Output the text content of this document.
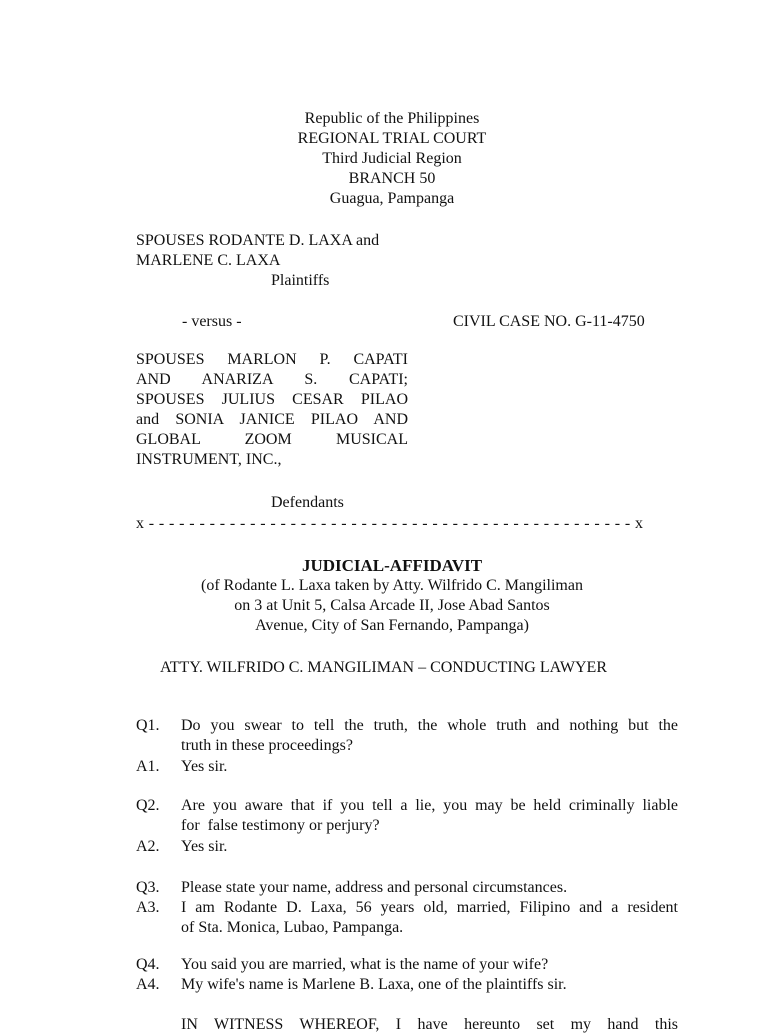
Republic of the Philippines
REGIONAL TRIAL COURT
Third Judicial Region
BRANCH 50
Guagua, Pampanga
SPOUSES RODANTE D. LAXA and
MARLENE C. LAXA
Plaintiffs
- versus -	CIVIL CASE NO. G-11-4750
SPOUSES MARLON P. CAPATI
AND ANARIZA S. CAPATI;
SPOUSES JULIUS CESAR PILAO
and SONIA JANICE PILAO AND
GLOBAL ZOOM MUSICAL
INSTRUMENT, INC.,
Defendants
x - - - - - - - - - - - - - - - - - - - - - - - - - - - - - - - - - - - - - - - - - - - - - - - - x
JUDICIAL-AFFIDAVIT
(of Rodante L. Laxa taken by Atty. Wilfrido C. Mangiliman
on 3 at Unit 5, Calsa Arcade II, Jose Abad Santos
Avenue, City of San Fernando, Pampanga)
ATTY. WILFRIDO C. MANGILIMAN – CONDUCTING LAWYER
Q1.	Do you swear to tell the truth, the whole truth and nothing but the
truth in these proceedings?
A1.	Yes sir.
Q2.	Are you aware that if you tell a lie, you may be held criminally liable
for  false testimony or perjury?
A2.	Yes sir.
Q3.	Please state your name, address and personal circumstances.
A3.	I am Rodante D. Laxa, 56 years old, married, Filipino and a resident
of Sta. Monica, Lubao, Pampanga.
Q4.	You said you are married, what is the name of your wife?
A4.	My wife's name is Marlene B. Laxa, one of the plaintiffs sir.
IN WITNESS WHEREOF, I have hereunto set my hand this
